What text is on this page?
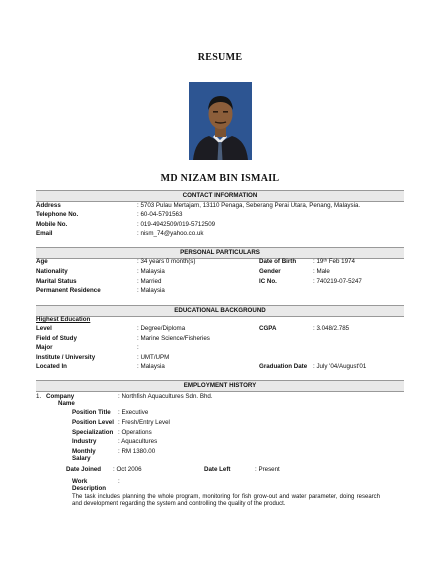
RESUME
MD NIZAM BIN ISMAIL
CONTACT INFORMATION
Address	: 5703 Pulau Mertajam, 13110 Penaga, Seberang Perai Utara, Penang, Malaysia.
Telephone No.	: 60-04-5791563
Mobile No.	: 019-4942509/019-5712509
Email	: nism_74@yahoo.co.uk
PERSONAL PARTICULARS
Age	: 34 years 0 month(s)	Date of Birth	: 19ᵗʰ Feb 1974
Nationality	: Malaysia	Gender	: Male
Marital Status	: Married	IC No.	: 740219-07-5247
Permanent Residence	: Malaysia
EDUCATIONAL BACKGROUND
Highest Education
Level	: Degree/Diploma	CGPA	: 3.048/2.785
Field of Study	: Marine Science/Fisheries
Major	:
Institute / University	: UMT/UPM
Located In	: Malaysia	Graduation Date : July '04/August'01
EMPLOYMENT HISTORY
1. Company
Name
: Northfish Aquacultures Sdn. Bhd.
Position Title : Executive
Position Level : Fresh/Entry Level
Specialization : Operations
Industry	: Aquacultures
Monthly
Salary
: RM 1380.00
Date Joined : Oct 2006	Date Left	: Present
Work
Description
:
The task includes planning the whole program, monitoring for fish grow-out and water parameter, doing research and development regarding the system and controlling the quality of the product.
